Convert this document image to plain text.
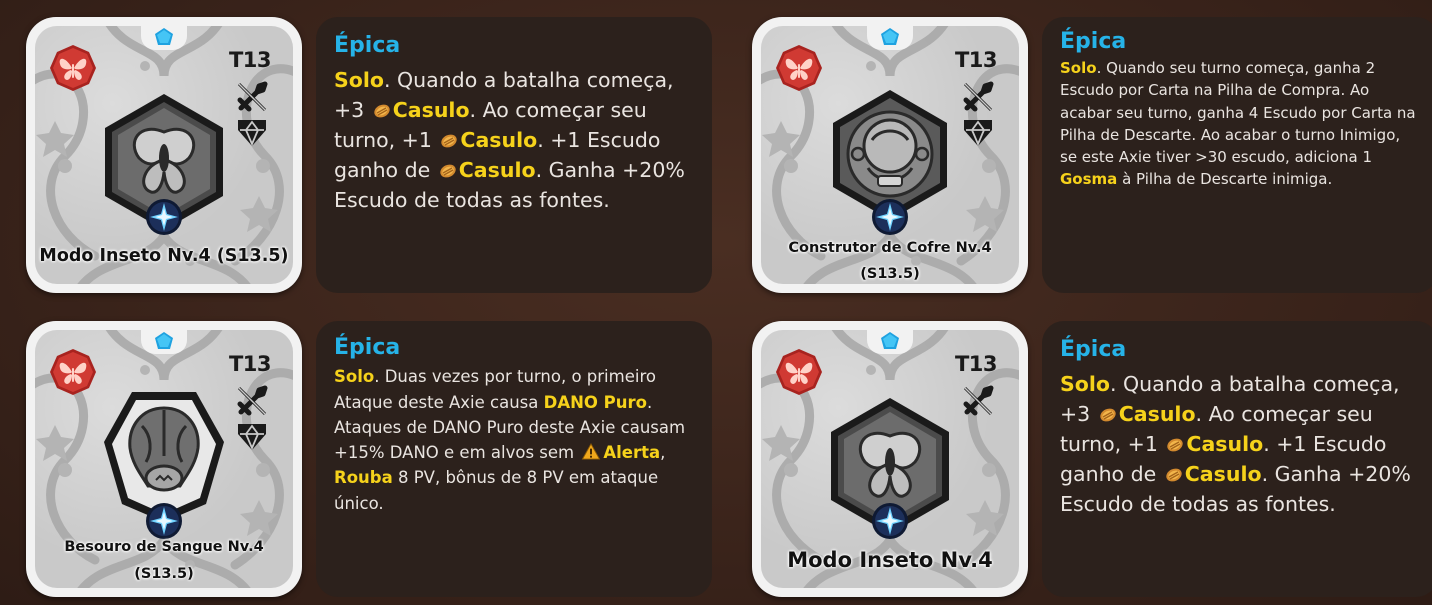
T13
Modo Inseto Nv.4 (S13.5)
Épica
Solo. Quando a batalha começa, +3 Casulo. Ao começar seu turno, +1 Casulo. +1 Escudo ganho de Casulo. Ganha +20% Escudo de todas as fontes.
T13
Construtor de Cofre Nv.4
(S13.5)
Épica
Solo. Quando seu turno começa, ganha 2 Escudo por Carta na Pilha de Compra. Ao acabar seu turno, ganha 4 Escudo por Carta na Pilha de Descarte. Ao acabar o turno Inimigo, se este Axie tiver >30 escudo, adiciona 1 Gosma à Pilha de Descarte inimiga.
T13
Besouro de Sangue Nv.4
(S13.5)
Épica
Solo. Duas vezes por turno, o primeiro Ataque deste Axie causa DANO Puro. Ataques de DANO Puro deste Axie causam +15% DANO e em alvos sem Alerta, Rouba 8 PV, bônus de 8 PV em ataque único.
T13
Modo Inseto Nv.4
Épica
Solo. Quando a batalha começa, +3 Casulo. Ao começar seu turno, +1 Casulo. +1 Escudo ganho de Casulo. Ganha +20% Escudo de todas as fontes.
